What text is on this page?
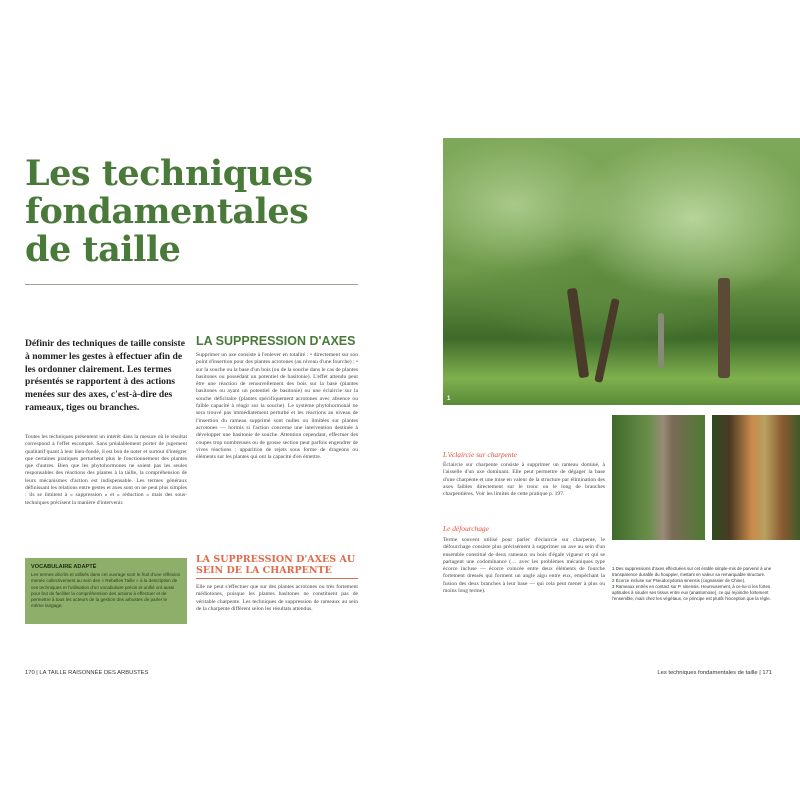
Les techniques fondamentales de taille
Définir des techniques de taille consiste à nommer les gestes à effectuer afin de les ordonner clairement. Les termes présentés se rapportent à des actions menées sur des axes, c'est-à-dire des rameaux, tiges ou branches.
Toutes les techniques présentent un intérêt dans la mesure où le résultat correspond à l'effet escompté. Sans préalablement porter de jugement qualitatif quant à leur bien-fondé, il est bon de noter et surtout d'intégrer que certaines pratiques perturbent plus le fonctionnement des plantes que d'autres. Bien que les phytohormones ne soient pas les seules responsables des réactions des plantes à la taille, la compréhension de leurs mécanismes d'action est indispensable. Les termes généraux définissant les relations entre gestes et axes sont on ne peut plus simples : ils se limitent à « suppression » et « réduction » mais des sous-techniques précisent la manière d'intervenir.
VOCABULAIRE ADAPTÉ
Les termes décrits et utilisés dans cet ouvrage sont le fruit d'une réflexion menée collectivement au sein des « Rebelles Taille » à la description de ces techniques et l'utilisation d'un vocabulaire précis et unifié ont aussi pour but de faciliter la compréhension des actions à effectuer et de permettre à tous les acteurs de la gestion des arbustes de parler le même langage.
LA SUPPRESSION D'AXES
Supprimer un axe consiste à l'enlever en totalité : • directement sur son point d'insertion pour des plantes acrotones (au niveau d'une fourche) ; • sur la souche ou la base d'un bois (ou de la souche dans le cas de plantes basitones ou possédant un potentiel de basitonie). L'effet attendu peut être une réaction de renouvellement des bois sur la base (plantes basitones ou ayant un potentiel de basitonie) ou une éclaircie sur la souche déficitaire (plantes spécifiquement acrotones avec absence ou faible capacité à réagir sur la souche). Le système phytohormonal ne sera trouvé pas immédiatement perturbé et les réactions au niveau de l'insertion du rameau supprimé sont nulles ou limitées sur plantes acrotones — hormis si l'action concerne une intervention destinée à développer une basitonie de souche. Attention cependant, effectuer des coupes trop nombreuses ou de grosse section peut parfois engendrer de vives réactions : apparition de rejets sous forme de drageons ou éléments sur les plantes qui ont la capacité d'en émettre.
LA SUPPRESSION D'AXES AU SEIN DE LA CHARPENTE
Elle ne peut s'effectuer que sur des plantes acrotones ou très fortement médiotones, puisque les plantes basitones ne constituent pas de véritable charpente. Les techniques de suppression de rameaux au sein de la charpente diffèrent selon les résultats attendus.
170 | LA TAILLE RAISONNÉE DES ARBUSTES
1
L'éclaircie sur charpente
Éclaircie sur charpente consiste à supprimer un rameau dominé, à l'aisselle d'un axe dominant. Elle peut permettre de dégager la base d'une charpente et une mise en valeur de la structure par élimination des axes faibles directement sur le tronc ou le long de branches charpentières. Voir les limites de cette pratique p. 197.
Le défourchage
Terme souvent utilisé pour parler d'éclaircie sur charpente, le défourchage consiste plus précisément à supprimer un axe au sein d'un ensemble constitué de deux rameaux ou bois d'égale vigueur et qui se partagent une codominance (… avec les problèmes mécaniques type écorce incluse — écorce coincée entre deux éléments de fourche fortement dressés qui forment un angle aigu entre eux, empêchant la fusion des deux branches à leur base — qui cela peut mener à plus ou moins long terme).
1 Des suppressions d'axes effectuées sur cet érable simple-mis de parvenir à une transparence durable du houppier, mettant en valeur sa remarquable structure.
2 Écorce incluse sur Pseudocydonia sinensis (cognassier de Chine).
3 Rameaux entrés en contact sur P. sinensis. Heureusement, à ce-lui-ci les fortes aptitudes à souder ses tissus entre eux (anastomose), ce qui rejoindre fortement l'ensemble, mais chez les végétaux, ce principe est plutôt l'exception que la règle.
Les techniques fondamentales de taille | 171
